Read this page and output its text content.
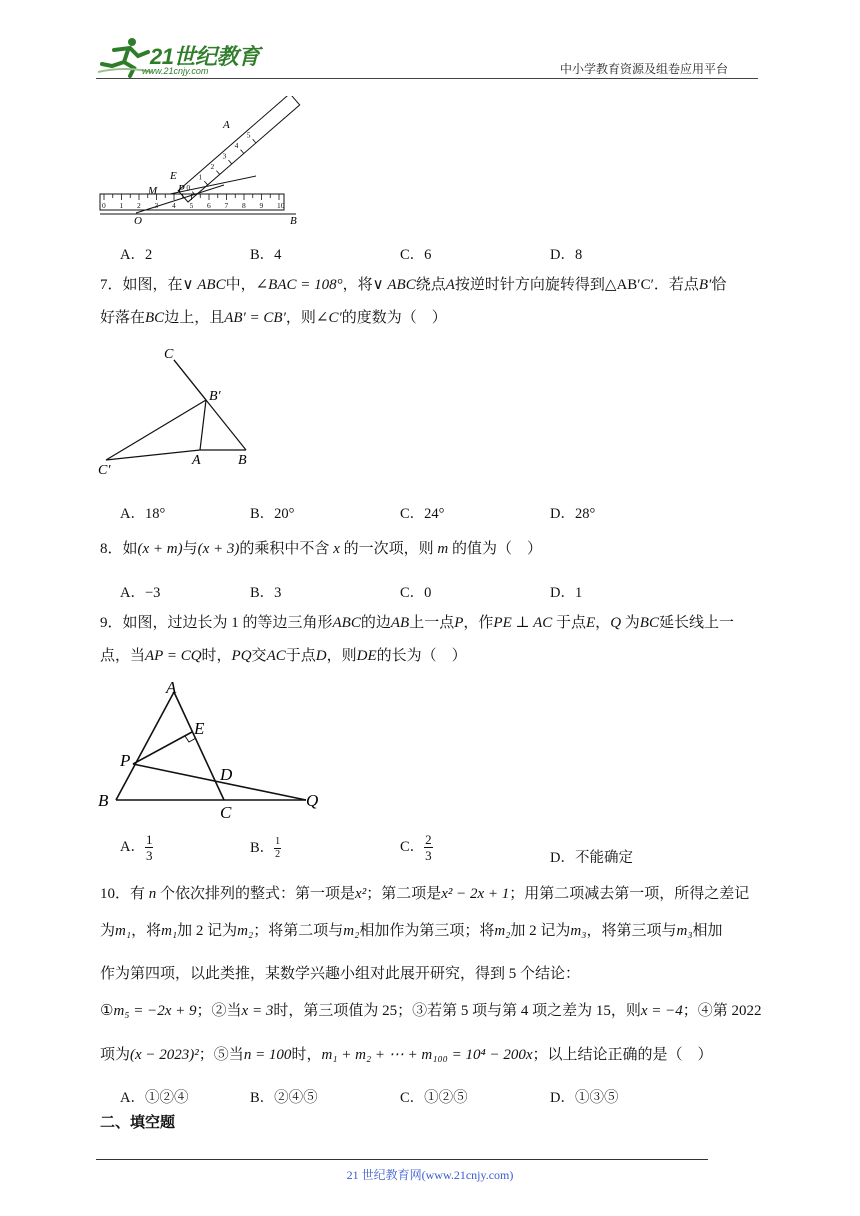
21世纪教育
www.21cnjy.com	中小学教育资源及组卷应用平台
0 1 2 3 4 5 6 7 8 9 10
0
1
2
3
4
5
A
E
M P
O	B
A．2	B．4	C．6	D．8
7．如图，在∨ ABC中，∠BAC = 108°，将∨ ABC绕点A按逆时针方向旋转得到△AB′C′．若点B′恰
好落在BC边上，且AB′ = CB′，则∠C′的度数为（　）
C
B′
C′
A	B
A．18°	B．20°	C．24°	D．28°
8．如(x + m)与(x + 3)的乘积中不含 x 的一次项，则 m 的值为（　）
A．−3	B．3	C．0	D．1
9．如图，过边长为 1 的等边三角形ABC的边AB上一点P，作PE ⊥ AC 于点E，Q 为BC延长线上一
点，当AP = CQ时，PQ交AC于点D，则DE的长为（　）
A
E
P
D
B
C
Q
A． $\frac{1}{3}$	B． $\frac{1}{2}$	C． $\frac{2}{3}$	D．不能确定
10．有 n 个依次排列的整式：第一项是x²；第二项是x² − 2x + 1；用第二项减去第一项，所得之差记
为m₁，将m₁加 2 记为m₂；将第二项与m₂相加作为第三项；将m₂加 2 记为m₃，将第三项与m₃相加
作为第四项，以此类推，某数学兴趣小组对此展开研究，得到 5 个结论：
①m₅ = −2x + 9；②当x = 3时，第三项值为 25；③若第 5 项与第 4 项之差为 15，则x = −4；④第 2022
项为(x − 2023)²；⑤当n = 100时，m₁ + m₂ + ⋯ + m₁₀₀ = 10⁴ − 200x；以上结论正确的是（　）
A．①②④	B．②④⑤	C．①②⑤	D．①③⑤
二、填空题
21 世纪教育网(www.21cnjy.com)
